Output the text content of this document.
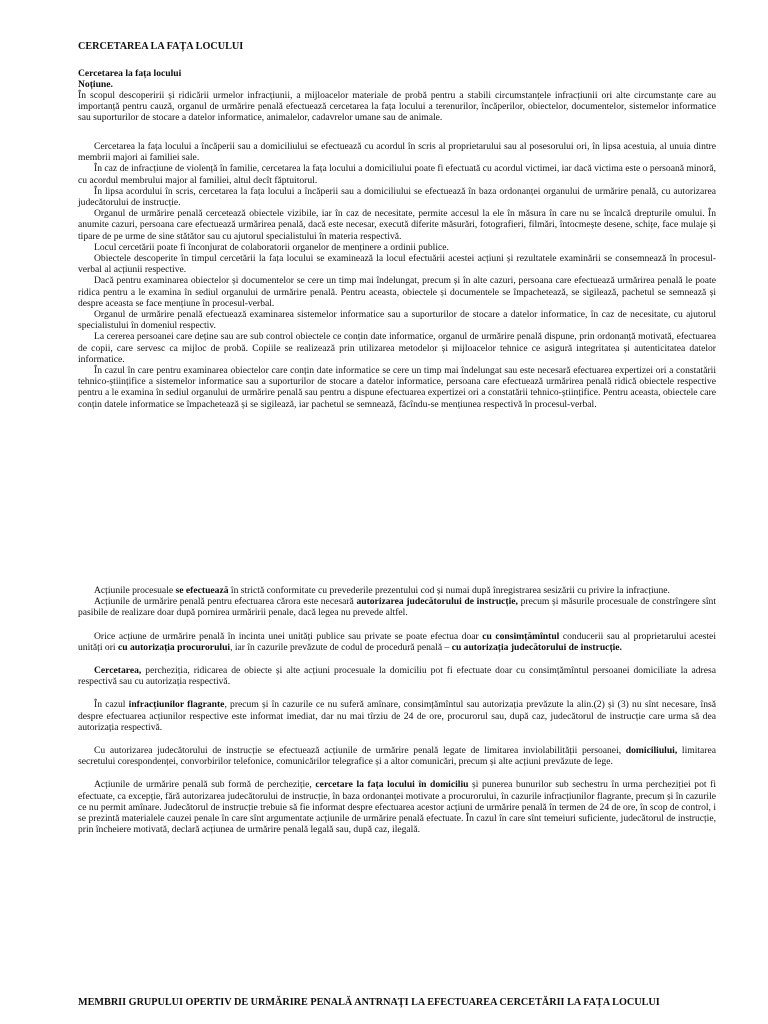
CERCETAREA LA FAȚA LOCULUI
Cercetarea la fața locului
Noțiune.

În scopul descoperirii și ridicării urmelor infracțiunii, a mijloacelor materiale de probă pentru a stabili circumstanțele infracțiunii ori alte circumstanțe care au importanță pentru cauză, organul de urmărire penală efectuează cercetarea la fața locului a terenurilor, încăperilor, obiectelor, documentelor, sistemelor informatice sau suporturilor de stocare a datelor informatice, animalelor, cadavrelor umane sau de animale.

Cercetarea la fața locului a încăperii sau a domiciliului se efectuează cu acordul în scris al proprietarului sau al posesorului ori, în lipsa acestuia, al unuia dintre membrii majori ai familiei sale.

În caz de infracțiune de violență în familie, cercetarea la fața locului a domiciliului poate fi efectuată cu acordul victimei, iar dacă victima este o persoană minoră, cu acordul membrului major al familiei, altul decît făptuitorul.

În lipsa acordului în scris, cercetarea la fața locului a încăperii sau a domiciliului se efectuează în baza ordonanței organului de urmărire penală, cu autorizarea judecătorului de instrucție.

Organul de urmărire penală cercetează obiectele vizibile, iar în caz de necesitate, permite accesul la ele în măsura în care nu se încalcă drepturile omului. În anumite cazuri, persoana care efectuează urmărirea penală, dacă este necesar, execută diferite măsurări, fotografieri, filmări, întocmește desene, schițe, face mulaje și tipare de pe urme de sine stătător sau cu ajutorul specialistului în materia respectivă.

Locul cercetării poate fi înconjurat de colaboratorii organelor de menținere a ordinii publice.

Obiectele descoperite în timpul cercetării la fața locului se examinează la locul efectuării acestei acțiuni și rezultatele examinării se consemnează în procesul-verbal al acțiunii respective.

Dacă pentru examinarea obiectelor și documentelor se cere un timp mai îndelungat, precum și în alte cazuri, persoana care efectuează urmărirea penală le poate ridica pentru a le examina în sediul organului de urmărire penală. Pentru aceasta, obiectele și documentele se împachetează, se sigilează, pachetul se semnează și despre aceasta se face mențiune în procesul-verbal.

Organul de urmărire penală efectuează examinarea sistemelor informatice sau a suporturilor de stocare a datelor informatice, în caz de necesitate, cu ajutorul specialistului în domeniul respectiv.

La cererea persoanei care deține sau are sub control obiectele ce conțin date informatice, organul de urmărire penală dispune, prin ordonanță motivată, efectuarea de copii, care servesc ca mijloc de probă. Copiile se realizează prin utilizarea metodelor și mijloacelor tehnice ce asigură integritatea și autenticitatea datelor informatice.

În cazul în care pentru examinarea obiectelor care conțin date informatice se cere un timp mai îndelungat sau este necesară efectuarea expertizei ori a constatării tehnico-științifice a sistemelor informatice sau a suporturilor de stocare a datelor informatice, persoana care efectuează urmărirea penală ridică obiectele respective pentru a le examina în sediul organului de urmărire penală sau pentru a dispune efectuarea expertizei ori a constatării tehnico-științifice. Pentru aceasta, obiectele care conțin datele informatice se împachetează și se sigilează, iar pachetul se semnează, făcîndu-se mențiunea respectivă în procesul-verbal.

Acțiunile procesuale se efectuează în strictă conformitate cu prevederile prezentului cod și numai după înregistrarea sesizării cu privire la infracțiune.

Acțiunile de urmărire penală pentru efectuarea cărora este necesară autorizarea judecătorului de instrucție, precum și măsurile procesuale de constrîngere sînt pasibile de realizare doar după pornirea urmăririi penale, dacă legea nu prevede altfel.

Orice acțiune de urmărire penală în incinta unei unități publice sau private se poate efectua doar cu consimțămîntul conducerii sau al proprietarului acestei unități ori cu autorizația procurorului, iar în cazurile prevăzute de codul de procedură penală – cu autorizația judecătorului de instrucție.

Cercetarea, percheziția, ridicarea de obiecte și alte acțiuni procesuale la domiciliu pot fi efectuate doar cu consimțămîntul persoanei domiciliate la adresa respectivă sau cu autorizația respectivă.

În cazul infracțiunilor flagrante, precum și în cazurile ce nu suferă amînare, consimțămîntul sau autorizația prevăzute la alin.(2) și (3) nu sînt necesare, însă despre efectuarea acțiunilor respective este informat imediat, dar nu mai tîrziu de 24 de ore, procurorul sau, după caz, judecătorul de instrucție care urma să dea autorizația respectivă.

Cu autorizarea judecătorului de instrucție se efectuează acțiunile de urmărire penală legate de limitarea inviolabilității persoanei, domiciliului, limitarea secretului corespondenței, convorbirilor telefonice, comunicărilor telegrafice și a altor comunicări, precum și alte acțiuni prevăzute de lege.

Acțiunile de urmărire penală sub formă de percheziție, cercetare la fața locului în domiciliu și punerea bunurilor sub sechestru în urma percheziției pot fi efectuate, ca excepție, fără autorizarea judecătorului de instrucție, în baza ordonanței motivate a procurorului, în cazurile infracțiunilor flagrante, precum și în cazurile ce nu permit amînare. Judecătorul de instrucție trebuie să fie informat despre efectuarea acestor acțiuni de urmărire penală în termen de 24 de ore, în scop de control, i se prezintă materialele cauzei penale în care sînt argumentate acțiunile de urmărire penală efectuate. În cazul în care sînt temeiuri suficiente, judecătorul de instrucție, prin încheiere motivată, declară acțiunea de urmărire penală legală sau, după caz, ilegală.

MEMBRII GRUPULUI OPERTIV DE URMĂRIRE PENALĂ ANTRNAȚI LA EFECTUAREA CERCETĂRII LA FAȚA LOCULUI
